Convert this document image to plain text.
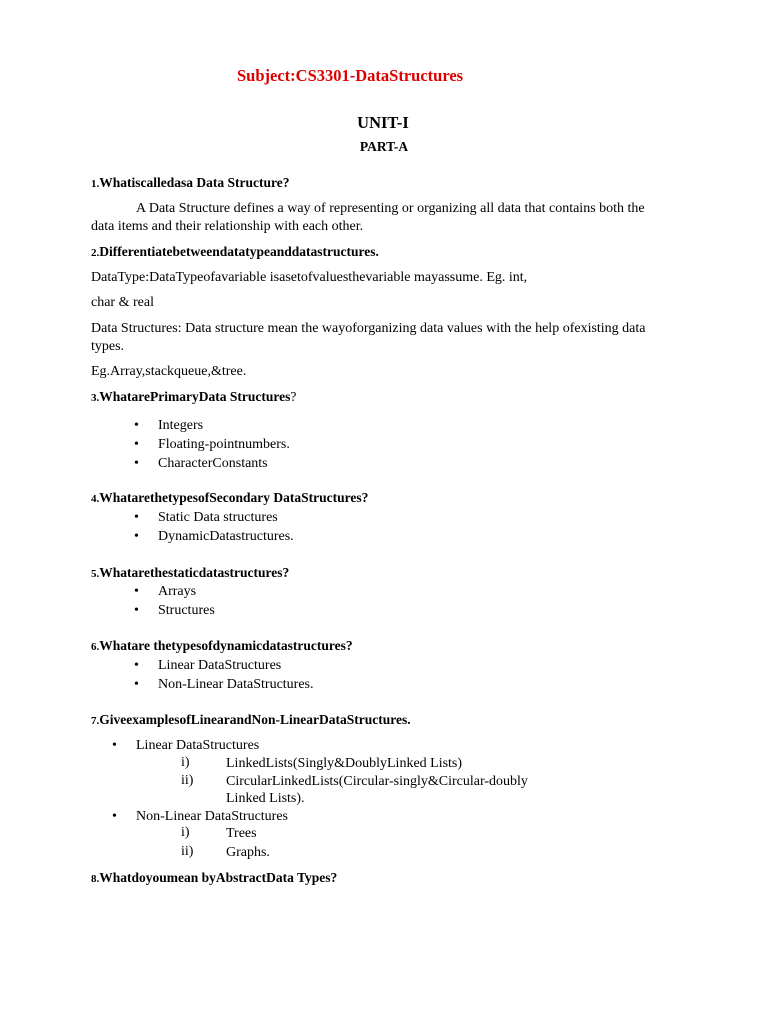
Subject:CS3301-DataStructures
UNIT-I
PART-A
1.Whatiscalledasa Data Structure?
A Data Structure defines a way of representing or organizing all data that contains both the data items and their relationship with each other.
2.Differentiatebetweendatatypeanddatastructures.
DataType:DataTypeofavariable isasetofvaluesthevariable mayassume. Eg. int,
char & real
Data Structures: Data structure mean the wayoforganizing data values with the help ofexisting data types.
Eg.Array,stackqueue,&tree.
3.WhatarePrimaryData Structures?
• Integers
• Floating-pointnumbers.
• CharacterConstants
4.WhatarethetypesofSecondary DataStructures?
• Static Data structures
• DynamicDatastructures.
5.Whatarethestaticdatastructures?
• Arrays
• Structures
6.Whatare thetypesofdynamicdatastructures?
• Linear DataStructures
• Non-Linear DataStructures.
7.GiveexamplesofLinearandNon-LinearDataStructures.
• Linear DataStructures
i)	LinkedLists(Singly&DoublyLinked Lists)
ii) CircularLinkedLists(Circular-singly&Circular-doubly
Linked Lists).
• Non-Linear DataStructures
i)	Trees
ii) Graphs.
8.Whatdoyoumean byAbstractData Types?
